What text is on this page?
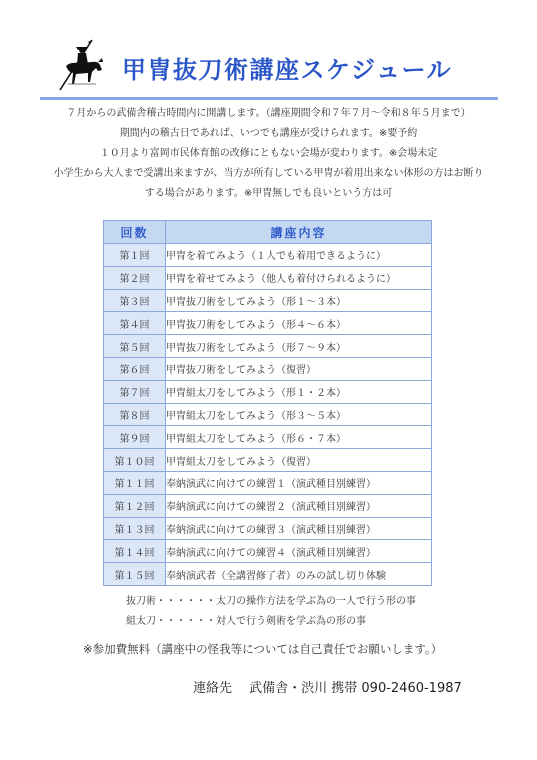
甲冑抜刀術講座スケジュール
７月からの武備舎稽古時間内に開講します。（講座期間令和７年７月～令和８年５月まで）
期間内の稽古日であれば、いつでも講座が受けられます。※要予約
１０月より富岡市民体育館の改修にともない会場が変わります。※会場未定
小学生から大人まで受講出来ますが、当方が所有している甲冑が着用出来ない体形の方はお断り
する場合があります。※甲冑無しでも良いという方は可
回数	講座内容
第１回	甲冑を着てみよう（１人でも着用できるように）
第２回	甲冑を着せてみよう（他人も着付けられるように）
第３回	甲冑抜刀術をしてみよう（形１～３本）
第４回	甲冑抜刀術をしてみよう（形４～６本）
第５回	甲冑抜刀術をしてみよう（形７～９本）
第６回	甲冑抜刀術をしてみよう（復習）
第７回	甲冑組太刀をしてみよう（形１・２本）
第８回	甲冑組太刀をしてみよう（形３～５本）
第９回	甲冑組太刀をしてみよう（形６・７本）
第１０回	甲冑組太刀をしてみよう（復習）
第１１回	奉納演武に向けての練習１（演武種目別練習）
第１２回	奉納演武に向けての練習２（演武種目別練習）
第１３回	奉納演武に向けての練習３（演武種目別練習）
第１４回	奉納演武に向けての練習４（演武種目別練習）
第１５回	奉納演武者（全講習修了者）のみの試し切り体験
抜刀術・・・・・・太刀の操作方法を学ぶ為の一人で行う形の事
組太刀・・・・・・対人で行う剣術を学ぶ為の形の事
※参加費無料（講座中の怪我等については自己責任でお願いします。）
連絡先　 武備舎・渋川 携帯 090-2460-1987
